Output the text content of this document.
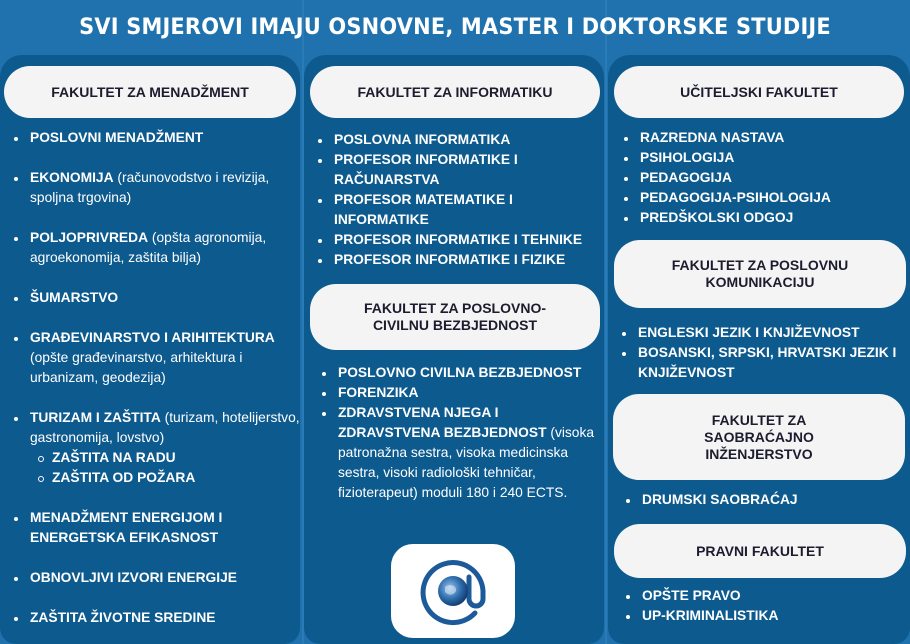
SVI SMJEROVI IMAJU OSNOVNE, MASTER I DOKTORSKE STUDIJE
FAKULTET ZA MENADŽMENT
POSLOVNI MENADŽMENT
EKONOMIJA (računovodstvo i revizija, spoljna trgovina)
POLJOPRIVREDA (opšta agronomija, agroekonomija, zaštita bilja)
ŠUMARSTVO
GRAĐEVINARSTVO I ARIHITEKTURA (opšte građevinarstvo, arhitektura i urbanizam, geodezija)
TURIZAM I ZAŠTITA (turizam, hotelijerstvo, gastronomija, lovstvo)
ZAŠTITA NA RADU
ZAŠTITA OD POŽARA
MENADŽMENT ENERGIJOM I ENERGETSKA EFIKASNOST
OBNOVLJIVI IZVORI ENERGIJE
ZAŠTITA ŽIVOTNE SREDINE
FAKULTET ZA INFORMATIKU
POSLOVNA INFORMATIKA
PROFESOR INFORMATIKE I RAČUNARSTVA
PROFESOR MATEMATIKE I INFORMATIKE
PROFESOR INFORMATIKE I TEHNIKE
PROFESOR INFORMATIKE I FIZIKE
FAKULTET ZA POSLOVNO-CIVILNU BEZBJEDNOST
POSLOVNO CIVILNA BEZBJEDNOST
FORENZIKA
ZDRAVSTVENA NJEGA I ZDRAVSTVENA BEZBJEDNOST (visoka patronažna sestra, visoka medicinska sestra, visoki radiološki tehničar, fizioterapeut) moduli 180 i 240 ECTS.
UČITELJSKI FAKULTET
RAZREDNA NASTAVA
PSIHOLOGIJA
PEDAGOGIJA
PEDAGOGIJA-PSIHOLOGIJA
PREDŠKOLSKI ODGOJ
FAKULTET ZA POSLOVNU KOMUNIKACIJU
ENGLESKI JEZIK I KNJIŽEVNOST
BOSANSKI, SRPSKI, HRVATSKI JEZIK I KNJIŽEVNOST
FAKULTET ZA SAOBRAĆAJNO INŽENJERSTVO
DRUMSKI SAOBRAĆAJ
PRAVNI FAKULTET
OPŠTE PRAVO
UP-KRIMINALISTIKA
